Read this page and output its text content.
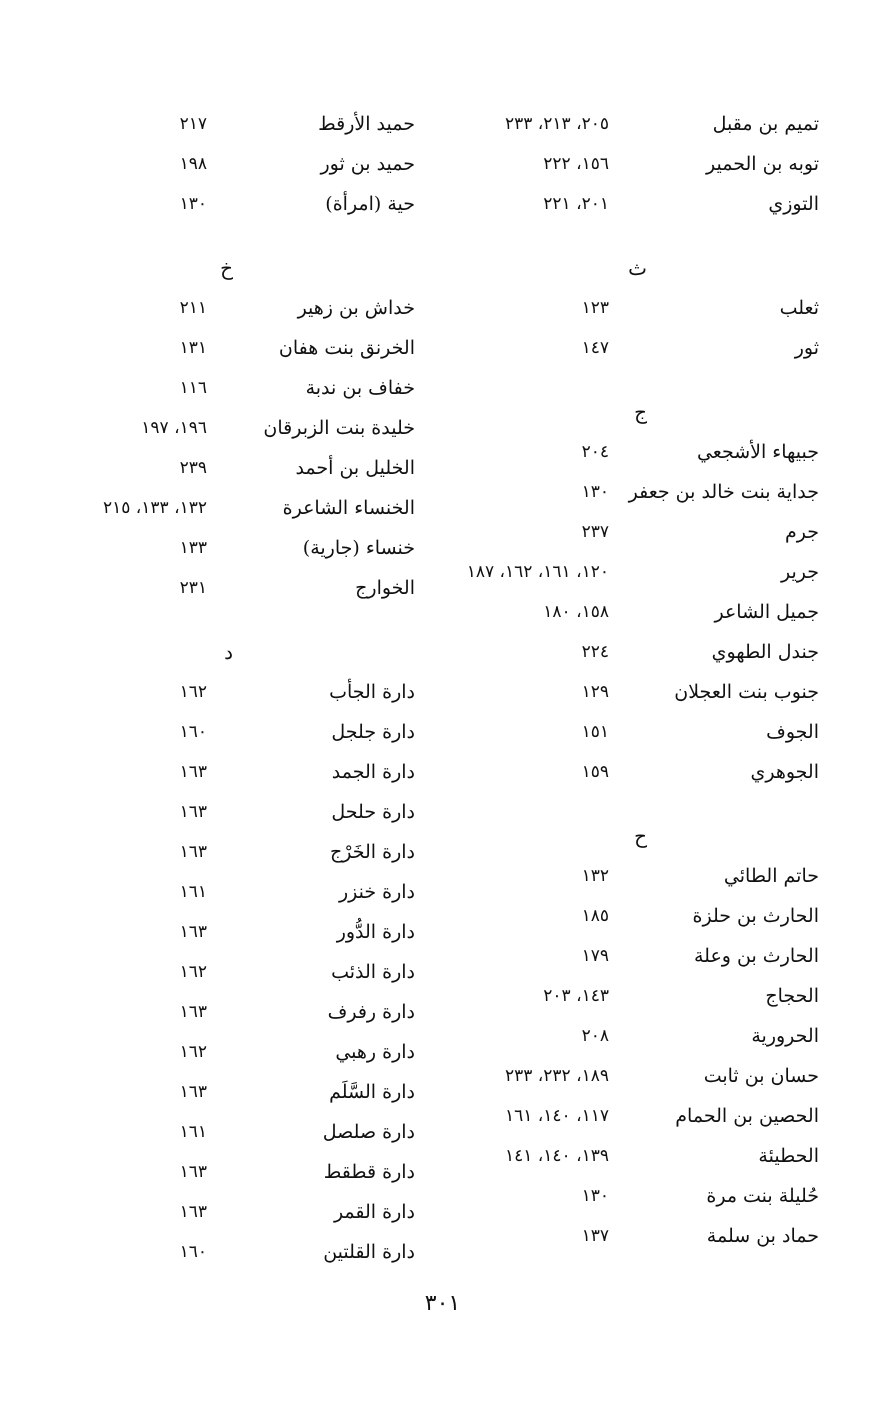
تميم بن مقبل
٢٠٥، ٢١٣، ٢٣٣
توبه بن الحمير
١٥٦، ٢٢٢
التوزي
٢٠١، ٢٢١
ث
ثعلب
١٢٣
ثور
١٤٧
ج
جبيهاء الأشجعي
٢٠٤
جداية بنت خالد بن جعفر
١٣٠
جرم
٢٣٧
جرير
١٢٠، ١٦١، ١٦٢، ١٨٧
جميل الشاعر
١٥٨، ١٨٠
جندل الطهوي
٢٢٤
جنوب بنت العجلان
١٢٩
الجوف
١٥١
الجوهري
١٥٩
ح
حاتم الطائي
١٣٢
الحارث بن حلزة
١٨٥
الحارث بن وعلة
١٧٩
الحجاج
١٤٣، ٢٠٣
الحرورية
٢٠٨
حسان بن ثابت
١٨٩، ٢٣٢، ٢٣٣
الحصين بن الحمام
١١٧، ١٤٠، ١٦١
الحطيئة
١٣٩، ١٤٠، ١٤١
حُليلة بنت مرة
١٣٠
حماد بن سلمة
١٣٧
حميد الأرقط
٢١٧
حميد بن ثور
١٩٨
حية (امرأة)
١٣٠
خ
خداش بن زهير
٢١١
الخرنق بنت هفان
١٣١
خفاف بن ندبة
١١٦
خليدة بنت الزبرقان
١٩٦، ١٩٧
الخليل بن أحمد
٢٣٩
الخنساء الشاعرة
١٣٢، ١٣٣، ٢١٥
خنساء (جارية)
١٣٣
الخوارج
٢٣١
د
دارة الجأب
١٦٢
دارة جلجل
١٦٠
دارة الجمد
١٦٣
دارة حلحل
١٦٣
دارة الخَرْج
١٦٣
دارة خنزر
١٦١
دارة الدُّور
١٦٣
دارة الذئب
١٦٢
دارة رفرف
١٦٣
دارة رهبي
١٦٢
دارة السَّلَم
١٦٣
دارة صلصل
١٦١
دارة قطقط
١٦٣
دارة القمر
١٦٣
دارة القلتين
١٦٠
٣٠١
